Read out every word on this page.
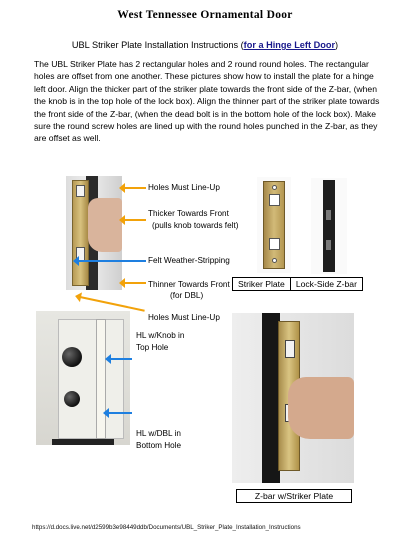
West Tennessee Ornamental Door
UBL Striker Plate Installation Instructions (for a Hinge Left Door)

The UBL Striker Plate has 2 rectangular holes and 2 round round holes. The rectangular holes are offset from one another. These pictures show how to install the plate for a hinge left door. Align the thicker part of the striker plate towards the front side of the Z-bar, (when the knob is in the top hole of the lock box). Align the thinner part of the striker plate towards the front side of the Z-bar, (when the dead bolt is in the bottom hole of the lock box). Make sure the round screw holes are lined up with the round holes punched in the Z-bar, as they are offset as well.

Holes Must Line-Up
Thicker Towards Front
(pulls knob towards felt)
Felt Weather-Stripping
Thinner Towards Front
(for DBL)
Holes Must Line-Up
Striker Plate	Lock-Side Z-bar
HL w/Knob in
Top Hole
HL w/DBL in
Bottom Hole
Z-bar w/Striker Plate
https://d.docs.live.net/d2599b3e98449ddb/Documents/UBL_Striker_Plate_Installation_Instructions
